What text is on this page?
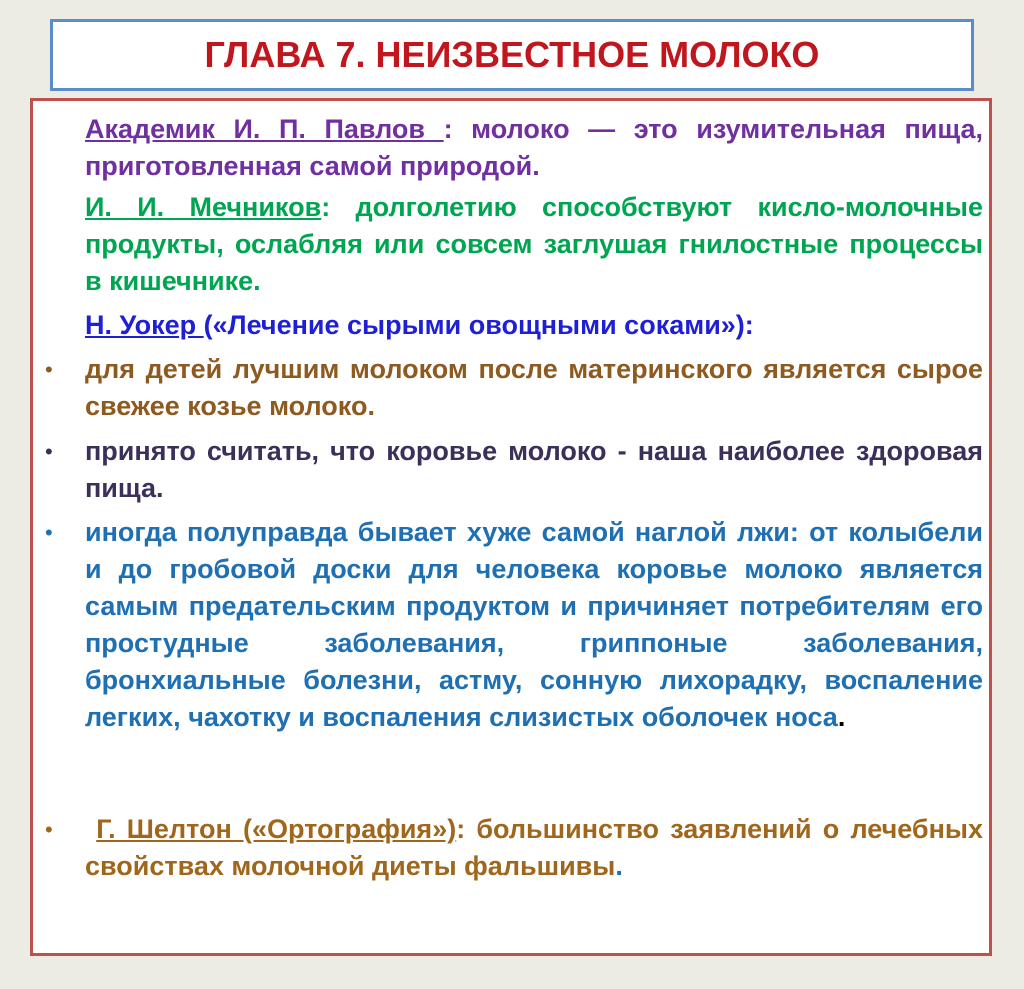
ГЛАВА 7. НЕИЗВЕСТНОЕ МОЛОКО
Академик И. П. Павлов : молоко — это изумительная пища, приготовленная самой природой.
И. И. Мечников: долголетию способствуют кисло-молочные продукты, ослабляя или совсем заглушая гнилостные процессы в кишечнике.
Н. Уокер («Лечение сырыми овощными соками»):
• для детей лучшим молоком после материнского является сырое свежее козье молоко.
• принято считать, что коровье молоко - наша наиболее здоровая пища.
• иногда полуправда бывает хуже самой наглой лжи: от колыбели и до гробовой доски для человека коровье молоко является самым предательским продуктом и причиняет потребителям его простудные заболевания, гриппоные заболевания, бронхиальные болезни, астму, сонную лихорадку, воспаление легких, чахотку и воспаления слизистых оболочек носа.
•	Г. Шелтон («Ортография»): большинство заявлений о лечебных свойствах молочной диеты фальшивы.
